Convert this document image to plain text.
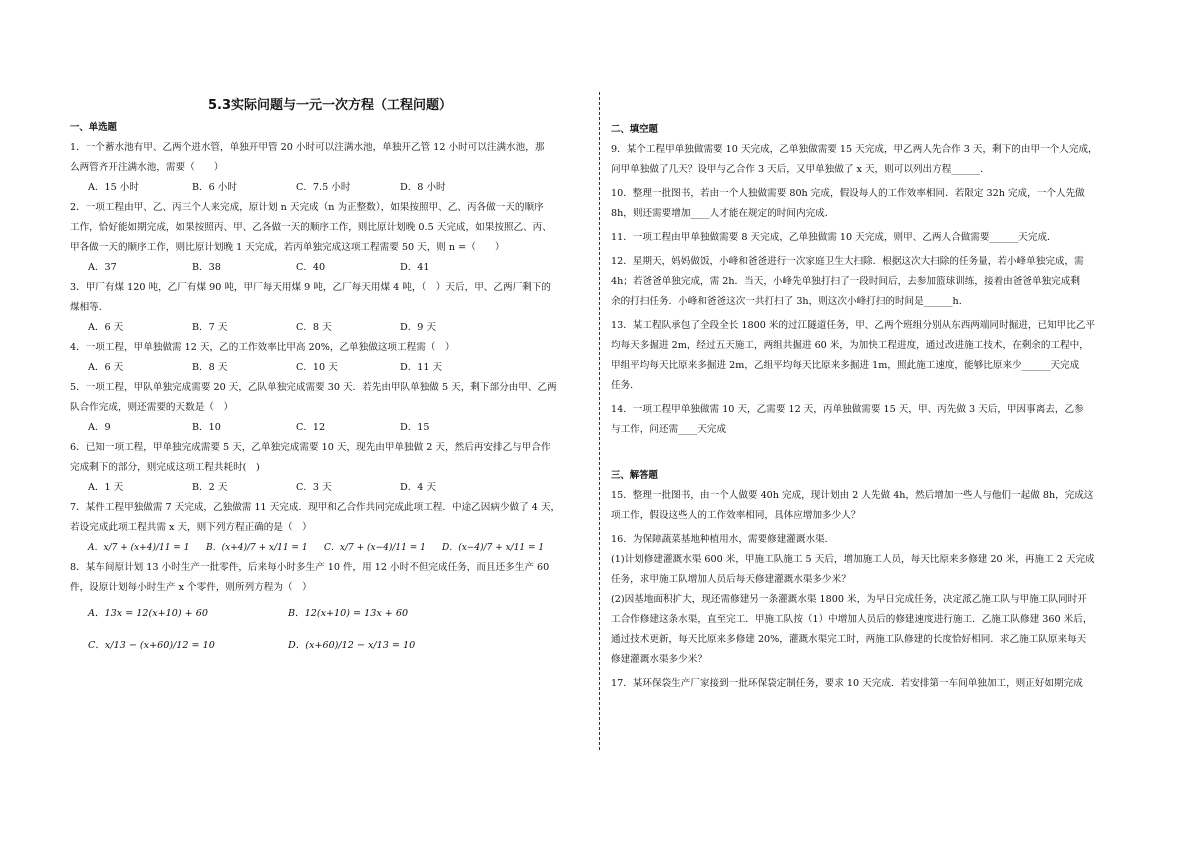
5.3实际问题与一元一次方程（工程问题）
一、单选题

1．一个蓄水池有甲、乙两个进水管，单独开甲管 20 小时可以注满水池，单独开乙管 12 小时可以注满水池，那

么两管齐开注满水池，需要（　　）

A．15 小时	B．6 小时	C．7.5 小时	D．8 小时

2．一项工程由甲、乙、丙三个人来完成，原计划 n 天完成（n 为正整数），如果按照甲、乙、丙各做一天的顺序

工作，恰好能如期完成，如果按照丙、甲、乙各做一天的顺序工作，则比原计划晚 0.5 天完成，如果按照乙、丙、

甲各做一天的顺序工作，则比原计划晚 1 天完成，若丙单独完成这项工程需要 50 天，则 n =（　　）

A．37	B．38	C．40	D．41

3．甲厂有煤 120 吨，乙厂有煤 90 吨，甲厂每天用煤 9 吨，乙厂每天用煤 4 吨，（　）天后，甲、乙两厂剩下的

煤相等．

A．6 天	B．7 天	C．8 天	D．9 天

4．一项工程，甲单独做需 12 天，乙的工作效率比甲高 20%，乙单独做这项工程需（　）

A．6 天	B．8 天	C．10 天	D．11 天

5．一项工程，甲队单独完成需要 20 天，乙队单独完成需要 30 天．若先由甲队单独做 5 天，剩下部分由甲、乙两

队合作完成，则还需要的天数是（　）

A．9	B．10	C．12	D．15

6．已知一项工程，甲单独完成需要 5 天，乙单独完成需要 10 天，现先由甲单独做 2 天，然后再安排乙与甲合作

完成剩下的部分，则完成这项工程共耗时(　)

A．1 天	B．2 天	C．3 天	D．4 天

7．某件工程甲独做需 7 天完成，乙独做需 11 天完成．现甲和乙合作共同完成此项工程．中途乙因病少做了 4 天，

若设完成此项工程共需 x 天，则下列方程正确的是（　）

A．x/7 + (x+4)/11 = 1	B．(x+4)/7 + x/11 = 1	C．x/7 + (x−4)/11 = 1	D．(x−4)/7 + x/11 = 1

8．某车间原计划 13 小时生产一批零件，后来每小时多生产 10 件，用 12 小时不但完成任务，而且还多生产 60

件，设原计划每小时生产 x 个零件，则所列方程为（　）

A．13x = 12(x+10) + 60	B．12(x+10) = 13x + 60
C．x/13 − (x+60)/12 = 10	D．(x+60)/12 − x/13 = 10
二、填空题

9．某个工程甲单独做需要 10 天完成，乙单独做需要 15 天完成，甲乙两人先合作 3 天，剩下的由甲一个人完成，

问甲单独做了几天？设甲与乙合作 3 天后，又甲单独做了 x 天，则可以列出方程______.

10．整理一批图书，若由一个人独做需要 80h 完成，假设每人的工作效率相同．若限定 32h 完成，一个人先做

8h，则还需要增加____人才能在规定的时间内完成．

11．一项工程由甲单独做需要 8 天完成，乙单独做需 10 天完成，则甲、乙两人合做需要______天完成．

12．星期天，妈妈做饭，小峰和爸爸进行一次家庭卫生大扫除．根据这次大扫除的任务量，若小峰单独完成，需

4h；若爸爸单独完成，需 2h．当天，小峰先单独打扫了一段时间后，去参加篮球训练，接着由爸爸单独完成剩

余的打扫任务．小峰和爸爸这次一共打扫了 3h，则这次小峰打扫的时间是______h.

13．某工程队承包了全段全长 1800 米的过江隧道任务，甲、乙两个班组分别从东西两端同时掘进，已知甲比乙平

均每天多掘进 2m，经过五天施工，两组共掘进 60 米，为加快工程进度，通过改进施工技术，在剩余的工程中，

甲组平均每天比原来多掘进 2m，乙组平均每天比原来多掘进 1m，照此施工速度，能够比原来少______天完成

任务．

14．一项工程甲单独做需 10 天，乙需要 12 天，丙单独做需要 15 天，甲、丙先做 3 天后，甲因事离去，乙参

与工作，问还需____天完成

三、解答题

15．整理一批图书，由一个人做要 40h 完成，现计划由 2 人先做 4h，然后增加一些人与他们一起做 8h，完成这

项工作，假设这些人的工作效率相同，具体应增加多少人？

16．为保障蔬菜基地种植用水，需要修建灌溉水渠．

(1)计划修建灌溉水渠 600 米，甲施工队施工 5 天后，增加施工人员，每天比原来多修建 20 米，再施工 2 天完成

任务，求甲施工队增加人员后每天修建灌溉水渠多少米？

(2)因基地面积扩大，现还需修建另一条灌溉水渠 1800 米，为早日完成任务，决定派乙施工队与甲施工队同时开

工合作修建这条水渠，直至完工．甲施工队按（1）中增加人员后的修建速度进行施工．乙施工队修建 360 米后，

通过技术更新，每天比原来多修建 20%，灌溉水渠完工时，两施工队修建的长度恰好相同．求乙施工队原来每天

修建灌溉水渠多少米？

17．某环保袋生产厂家接到一批环保袋定制任务，要求 10 天完成．若安排第一车间单独加工，则正好如期完成
